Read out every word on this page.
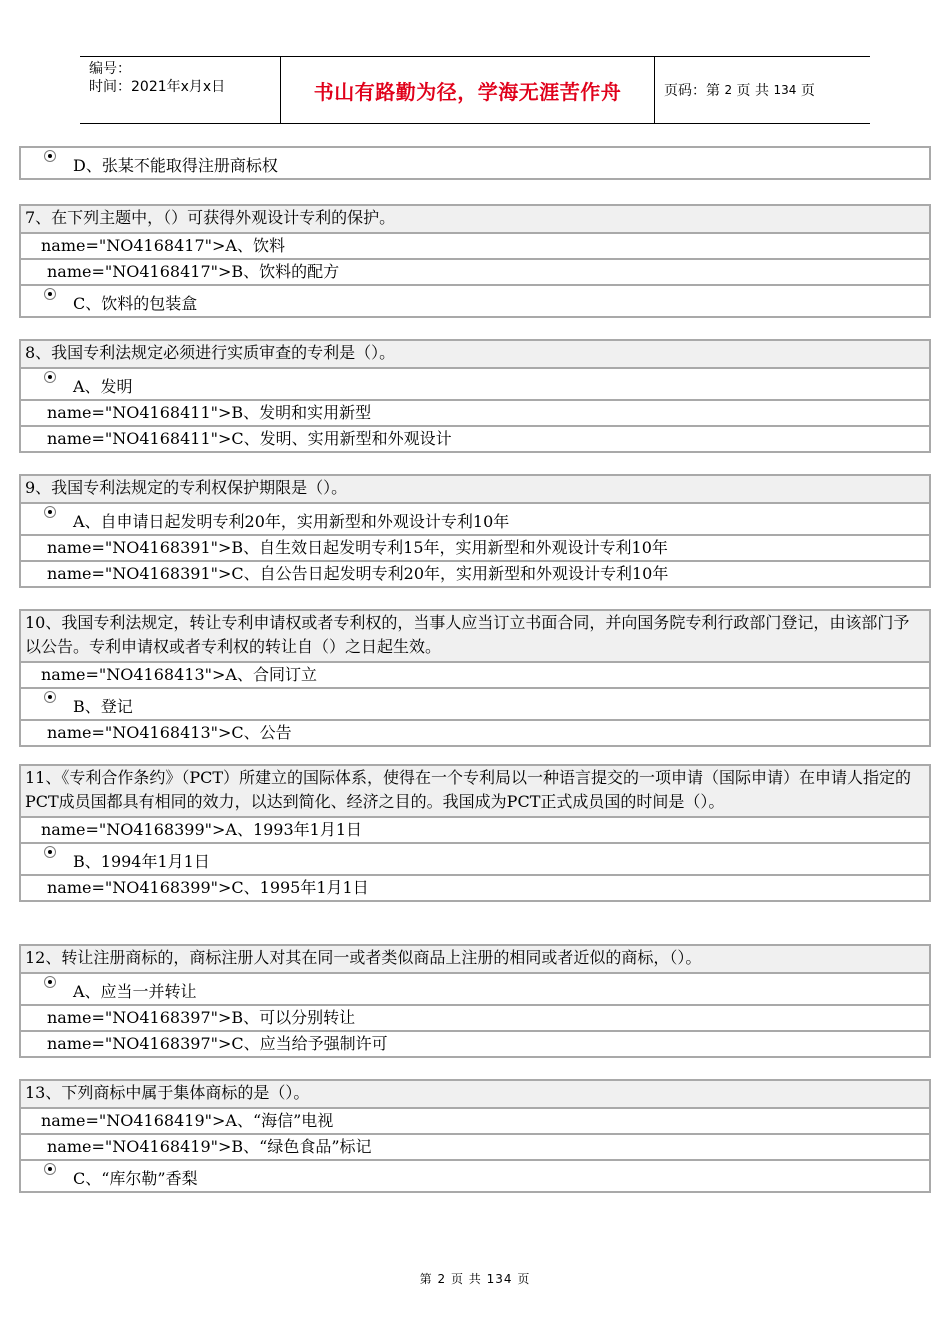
编号：
时间：2021年x月x日	书山有路勤为径，学海无涯苦作舟	页码：第
2
页 共
134
页
D、张某不能取得注册商标权
7、在下列主题中，（）可获得外观设计专利的保护。
name="NO4168417">A、饮料
name="NO4168417">B、饮料的配方
C、饮料的包装盒
8、我国专利法规定必须进行实质审查的专利是（）。
A、发明
name="NO4168411">B、发明和实用新型
name="NO4168411">C、发明、实用新型和外观设计
9、我国专利法规定的专利权保护期限是（）。
A、自申请日起发明专利20年，实用新型和外观设计专利10年
name="NO4168391">B、自生效日起发明专利15年，实用新型和外观设计专利10年
name="NO4168391">C、自公告日起发明专利20年，实用新型和外观设计专利10年
10、我国专利法规定，转让专利申请权或者专利权的，当事人应当订立书面合同，并向国务院专利行政部门登记，由该部门予以公告。专利申请权或者专利权的转让自（）之日起生效。
name="NO4168413">A、合同订立
B、登记
name="NO4168413">C、公告
11、《专利合作条约》（PCT）所建立的国际体系，使得在一个专利局以一种语言提交的一项申请（国际申请）在申请人指定的PCT成员国都具有相同的效力，以达到简化、经济之目的。我国成为PCT正式成员国的时间是（）。
name="NO4168399">A、1993年1月1日
B、1994年1月1日
name="NO4168399">C、1995年1月1日
12、转让注册商标的，商标注册人对其在同一或者类似商品上注册的相同或者近似的商标，（）。
A、应当一并转让
name="NO4168397">B、可以分别转让
name="NO4168397">C、应当给予强制许可
13、下列商标中属于集体商标的是（）。
name="NO4168419">A、“海信”电视
name="NO4168419">B、“绿色食品”标记
C、“库尔勒”香梨
第 2 页 共 134 页
